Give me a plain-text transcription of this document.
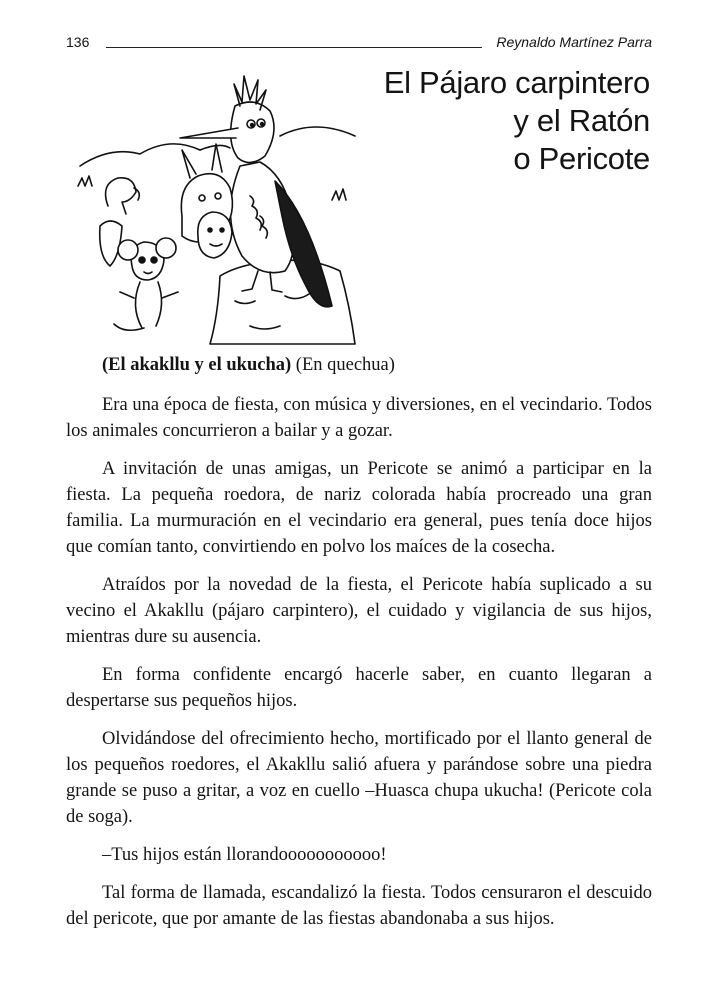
136	Reynaldo Martínez Parra
El Pájaro carpintero
y el Ratón
o Pericote

(El akakllu y el ukucha) (En quechua)

Era una época de fiesta, con música y diversiones, en el vecindario. Todos los animales concurrieron a bailar y a gozar.

A invitación de unas amigas, un Pericote se animó a participar en la fiesta. La pequeña roedora, de nariz colorada había procreado una gran familia. La murmuración en el vecindario era general, pues tenía doce hijos que comían tanto, convirtiendo en polvo los maíces de la cosecha.

Atraídos por la novedad de la fiesta, el Pericote había suplicado a su vecino el Akakllu (pájaro carpintero), el cuidado y vigilancia de sus hijos, mientras dure su ausencia.

En forma confidente encargó hacerle saber, en cuanto llegaran a despertarse sus pequeños hijos.

Olvidándose del ofrecimiento hecho, mortificado por el llanto general de los pequeños roedores, el Akakllu salió afuera y parándose sobre una piedra grande se puso a gritar, a voz en cuello –Huasca chupa ukucha! (Pericote cola de soga).

–Tus hijos están llorandooooooooooo!

Tal forma de llamada, escandalizó la fiesta. Todos censuraron el descuido del pericote, que por amante de las fiestas abandonaba a sus hijos.
